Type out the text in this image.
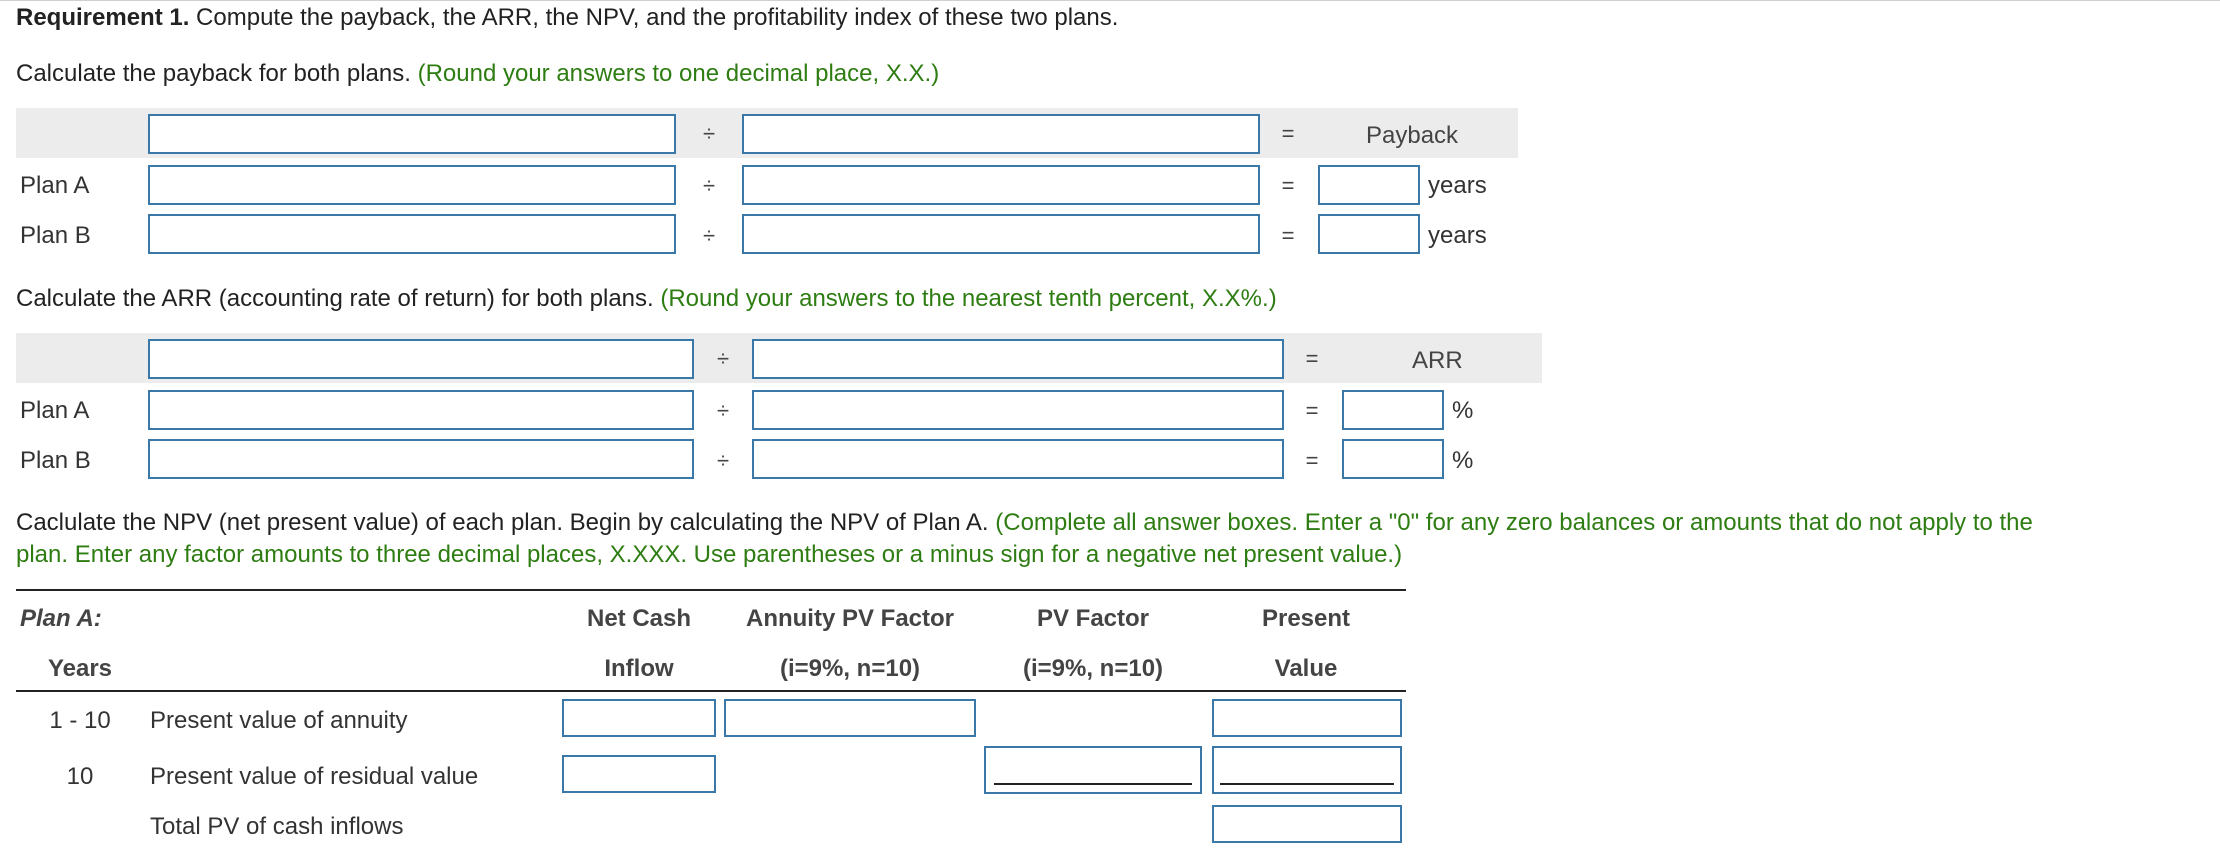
Requirement 1. Compute the payback, the ARR, the NPV, and the profitability index of these two plans.
Calculate the payback for both plans. (Round your answers to one decimal place, X.X.)
÷	=	Payback
Plan A	÷	=	years
Plan B	÷	=	years
Calculate the ARR (accounting rate of return) for both plans. (Round your answers to the nearest tenth percent, X.X%.)
÷	=	ARR
Plan A	÷	=	%
Plan B	÷	=	%
Caclulate the NPV (net present value) of each plan. Begin by calculating the NPV of Plan A. (Complete all answer boxes. Enter a "0" for any zero balances or amounts that do not apply to the
plan. Enter any factor amounts to three decimal places, X.XXX. Use parentheses or a minus sign for a negative net present value.)
Plan A:	Net Cash	Annuity PV Factor	PV Factor	Present
Years	Inflow	(i=9%, n=10)	(i=9%, n=10)	Value
1 - 10	Present value of annuity
10	Present value of residual value
Total PV of cash inflows
